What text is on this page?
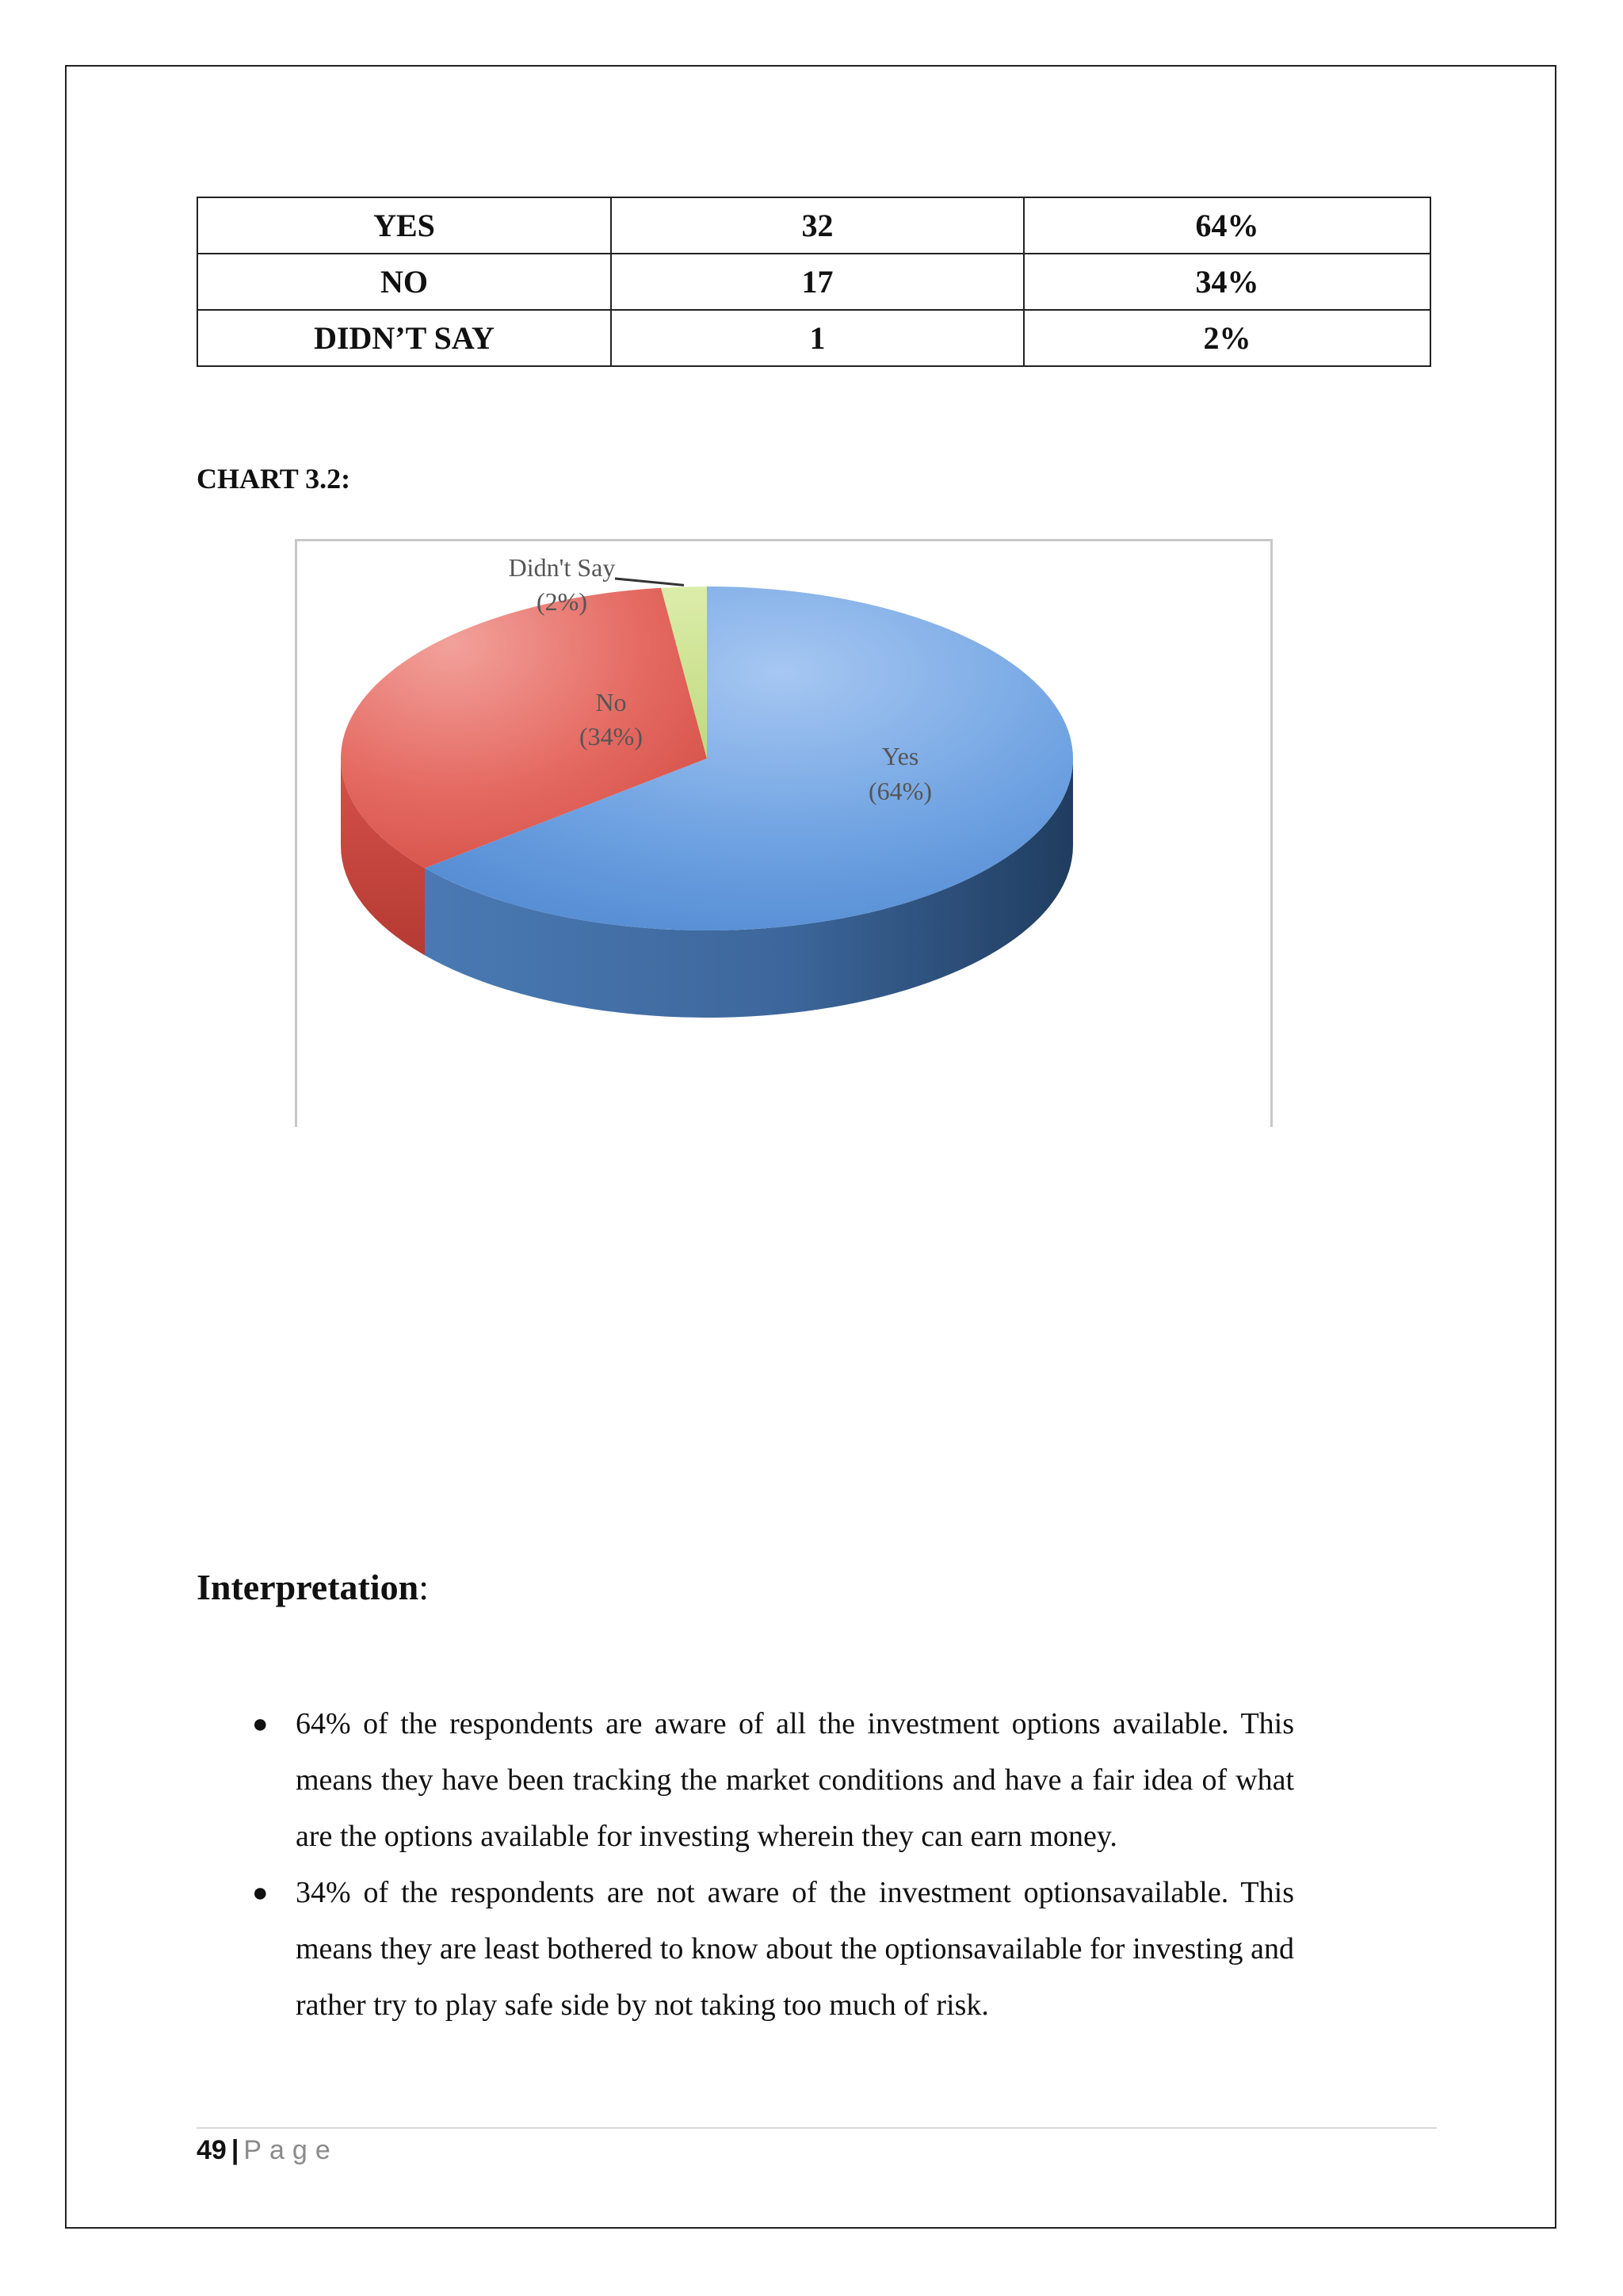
YES	32	64%
NO	17	34%
DIDN’T SAY	1	2%
CHART 3.2:
Yes
(64%)
No
(34%)
Didn't Say
(2%)
Interpretation:
● 64% of the respondents are aware of all the investment options available. This means they have been tracking the market conditions and have a fair idea of what are the options available for investing wherein they can earn money.
● 34% of the respondents are not aware of the investment optionsavailable. This means they are least bothered to know about the optionsavailable for investing and rather try to play safe side by not taking too much of risk.
49 | Page
